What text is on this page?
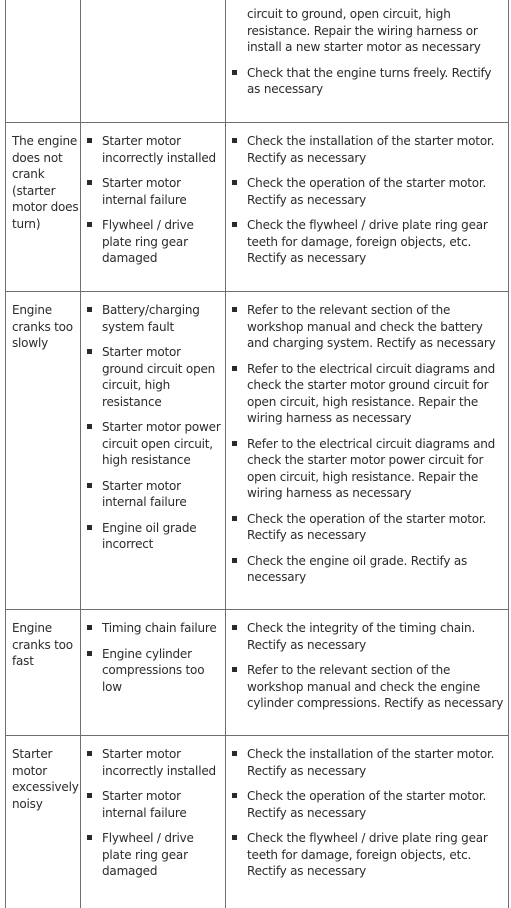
circuit to ground, open circuit, high resistance. Repair the wiring harness or install a new starter motor as necessary
Check that the engine turns freely. Rectify as necessary
The engine does not crank (starter motor does turn)
Starter motor incorrectly installed
Starter motor internal failure
Flywheel / drive plate ring gear damaged
Check the installation of the starter motor. Rectify as necessary
Check the operation of the starter motor. Rectify as necessary
Check the flywheel / drive plate ring gear teeth for damage, foreign objects, etc. Rectify as necessary
Engine cranks too slowly
Battery/charging system fault
Starter motor ground circuit open circuit, high resistance
Starter motor power circuit open circuit, high resistance
Starter motor internal failure
Engine oil grade incorrect
Refer to the relevant section of the workshop manual and check the battery and charging system. Rectify as necessary
Refer to the electrical circuit diagrams and check the starter motor ground circuit for open circuit, high resistance. Repair the wiring harness as necessary
Refer to the electrical circuit diagrams and check the starter motor power circuit for open circuit, high resistance. Repair the wiring harness as necessary
Check the operation of the starter motor. Rectify as necessary
Check the engine oil grade. Rectify as necessary
Engine cranks too fast
Timing chain failure
Engine cylinder compressions too low
Check the integrity of the timing chain. Rectify as necessary
Refer to the relevant section of the workshop manual and check the engine cylinder compressions. Rectify as necessary
Starter motor excessively noisy
Starter motor incorrectly installed
Starter motor internal failure
Flywheel / drive plate ring gear damaged
Check the installation of the starter motor. Rectify as necessary
Check the operation of the starter motor. Rectify as necessary
Check the flywheel / drive plate ring gear teeth for damage, foreign objects, etc. Rectify as necessary
